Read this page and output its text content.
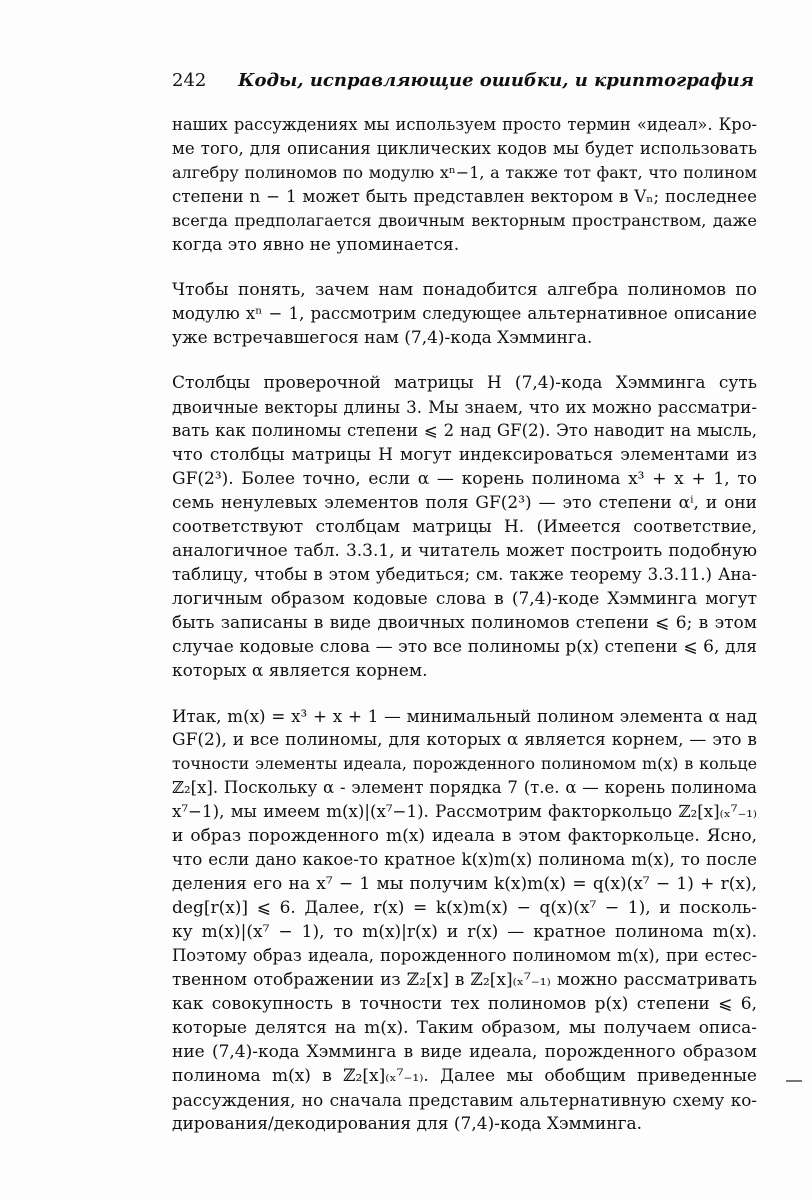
242 Коды, исправляющие ошибки, и криптография
наших рассуждениях мы используем просто термин «идеал». Кро-
ме того, для описания циклических кодов мы будет использовать
алгебру полиномов по модулю xⁿ−1, а также тот факт, что полином
степени n − 1 может быть представлен вектором в Vₙ; последнее
всегда предполагается двоичным векторным пространством, даже
когда это явно не упоминается.
Чтобы понять, зачем нам понадобится алгебра полиномов по
модулю xⁿ − 1, рассмотрим следующее альтернативное описание
уже встречавшегося нам (7,4)-кода Хэмминга.
Столбцы проверочной матрицы H (7,4)-кода Хэмминга суть
двоичные векторы длины 3. Мы знаем, что их можно рассматри-
вать как полиномы степени ⩽ 2 над GF(2). Это наводит на мысль,
что столбцы матрицы H могут индексироваться элементами из
GF(2³). Более точно, если α — корень полинома x³ + x + 1, то
семь ненулевых элементов поля GF(2³) — это степени αⁱ, и они
соответствуют столбцам матрицы H. (Имеется соответствие,
аналогичное табл. 3.3.1, и читатель может построить подобную
таблицу, чтобы в этом убедиться; см. также теорему 3.3.11.) Ана-
логичным образом кодовые слова в (7,4)-коде Хэмминга могут
быть записаны в виде двоичных полиномов степени ⩽ 6; в этом
случае кодовые слова — это все полиномы p(x) степени ⩽ 6, для
которых α является корнем.
Итак, m(x) = x³ + x + 1 — минимальный полином элемента α над
GF(2), и все полиномы, для которых α является корнем, — это в
точности элементы идеала, порожденного полиномом m(x) в кольце
ℤ₂[x]. Поскольку α - элемент порядка 7 (т.е. α — корень полинома
x⁷−1), мы имеем m(x)|(x⁷−1). Рассмотрим факторкольцо ℤ₂[x]₍ₓ⁷₋₁₎
и образ порожденного m(x) идеала в этом факторкольце. Ясно,
что если дано какое-то кратное k(x)m(x) полинома m(x), то после
деления его на x⁷ − 1 мы получим k(x)m(x) = q(x)(x⁷ − 1) + r(x),
deg[r(x)] ⩽ 6. Далее, r(x) = k(x)m(x) − q(x)(x⁷ − 1), и посколь-
ку m(x)|(x⁷ − 1), то m(x)|r(x) и r(x) — кратное полинома m(x).
Поэтому образ идеала, порожденного полиномом m(x), при естес-
твенном отображении из ℤ₂[x] в ℤ₂[x]₍ₓ⁷₋₁₎ можно рассматривать
как совокупность в точности тех полиномов p(x) степени ⩽ 6,
которые делятся на m(x). Таким образом, мы получаем описа-
ние (7,4)-кода Хэмминга в виде идеала, порожденного образом
полинома m(x) в ℤ₂[x]₍ₓ⁷₋₁₎. Далее мы обобщим приведенные
рассуждения, но сначала представим альтернативную схему ко-
дирования/декодирования для (7,4)-кода Хэмминга.
